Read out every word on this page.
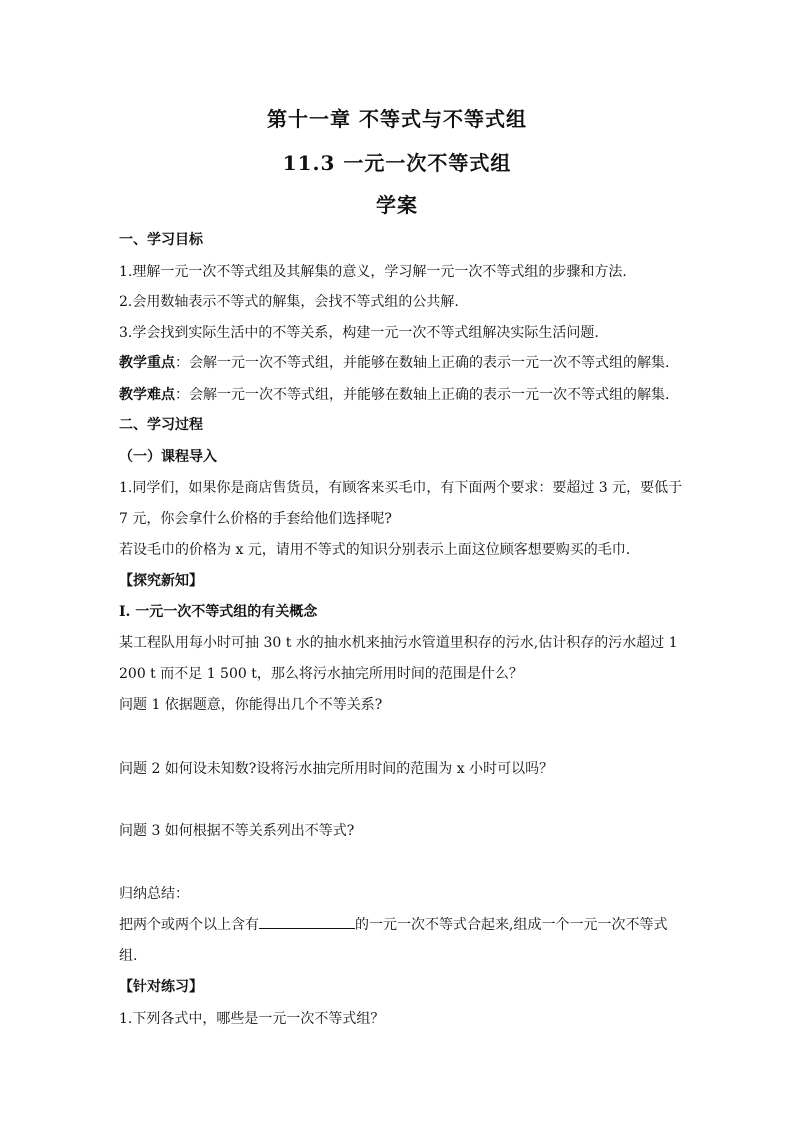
第十一章 不等式与不等式组
11.3 一元一次不等式组
学案
一、学习目标
1.理解一元一次不等式组及其解集的意义，学习解一元一次不等式组的步骤和方法.
2.会用数轴表示不等式的解集，会找不等式组的公共解.
3.学会找到实际生活中的不等关系，构建一元一次不等式组解决实际生活问题.
教学重点：会解一元一次不等式组，并能够在数轴上正确的表示一元一次不等式组的解集.
教学难点：会解一元一次不等式组，并能够在数轴上正确的表示一元一次不等式组的解集.
二、学习过程
（一）课程导入
1.同学们，如果你是商店售货员，有顾客来买毛巾，有下面两个要求：要超过 3 元，要低于
7 元，你会拿什么价格的手套给他们选择呢?
若设毛巾的价格为 x 元，请用不等式的知识分别表示上面这位顾客想要购买的毛巾.
【探究新知】
Ⅰ. 一元一次不等式组的有关概念
某工程队用每小时可抽 30 t 水的抽水机来抽污水管道里积存的污水,估计积存的污水超过 1
200 t 而不足 1 500 t，那么将污水抽完所用时间的范围是什么？
问题 1 依据题意，你能得出几个不等关系?
问题 2 如何设未知数?设将污水抽完所用时间的范围为 x 小时可以吗？
问题 3 如何根据不等关系列出不等式?
归纳总结：
把两个或两个以上含有	的一元一次不等式合起来,组成一个一元一次不等式
组.
【针对练习】
1.下列各式中，哪些是一元一次不等式组？
